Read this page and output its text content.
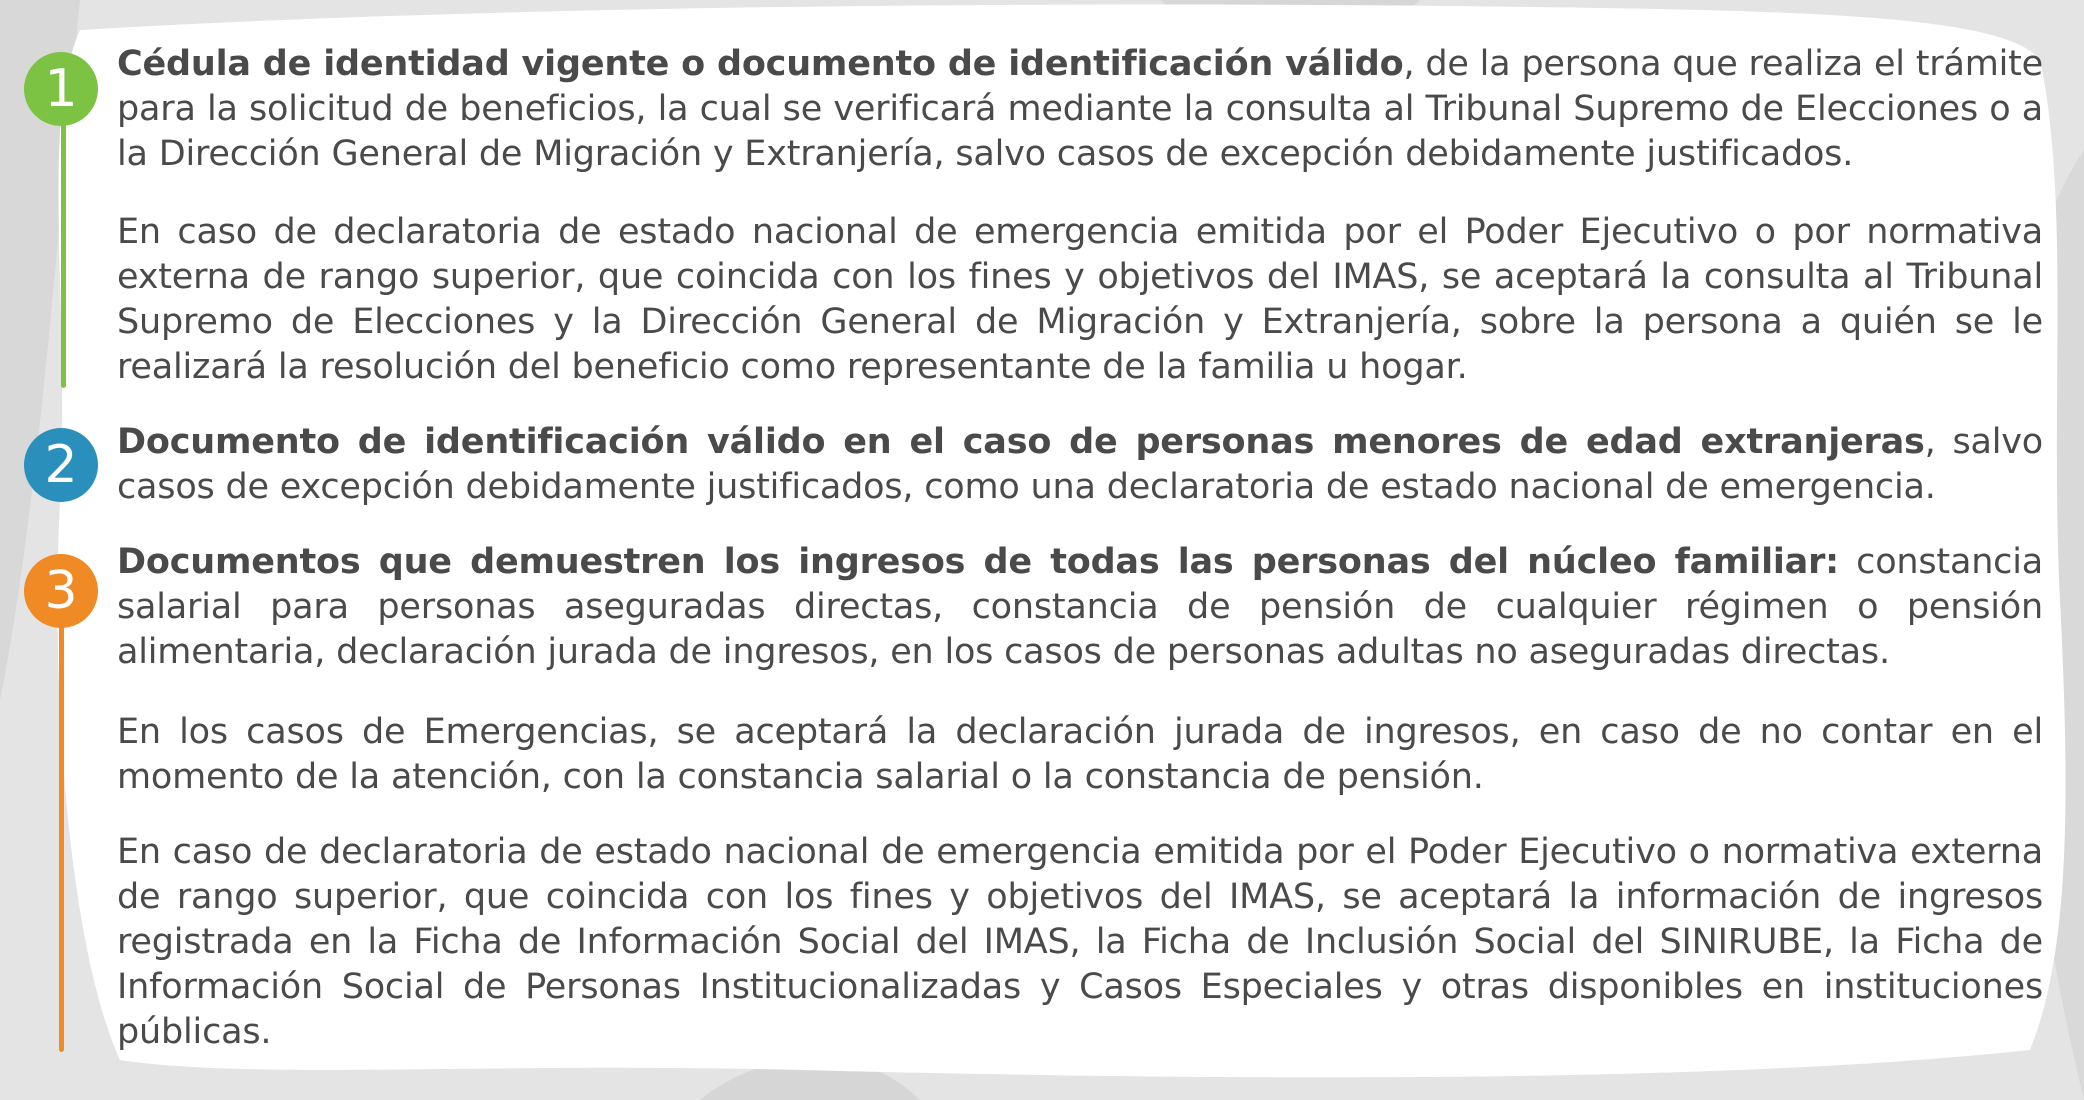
1
2
3

Cédula de identidad vigente o documento de identificación válido, de la persona que realiza el trámite para la solicitud de beneficios, la cual se verificará mediante la consulta al Tribunal Supremo de Elecciones o a la Dirección General de Migración y Extranjería, salvo casos de excepción debidamente justificados.

En caso de declaratoria de estado nacional de emergencia emitida por el Poder Ejecutivo o por normativa externa de rango superior, que coincida con los fines y objetivos del IMAS, se aceptará la consulta al Tribunal Supremo de Elecciones y la Dirección General de Migración y Extranjería, sobre la persona a quién se le realizará la resolución del beneficio como representante de la familia u hogar.

Documento de identificación válido en el caso de personas menores de edad extranjeras, salvo casos de excepción debidamente justificados, como una declaratoria de estado nacional de emergencia.

Documentos que demuestren los ingresos de todas las personas del núcleo familiar: constancia salarial para personas aseguradas directas, constancia de pensión de cualquier régimen o pensión alimentaria, declaración jurada de ingresos, en los casos de personas adultas no aseguradas directas.

En los casos de Emergencias, se aceptará la declaración jurada de ingresos, en caso de no contar en el momento de la atención, con la constancia salarial o la constancia de pensión.

En caso de declaratoria de estado nacional de emergencia emitida por el Poder Ejecutivo o normativa externa de rango superior, que coincida con los fines y objetivos del IMAS, se aceptará la información de ingresos registrada en la Ficha de Información Social del IMAS, la Ficha de Inclusión Social del SINIRUBE, la Ficha de Información Social de Personas Institucionalizadas y Casos Especiales y otras disponibles en instituciones públicas.
